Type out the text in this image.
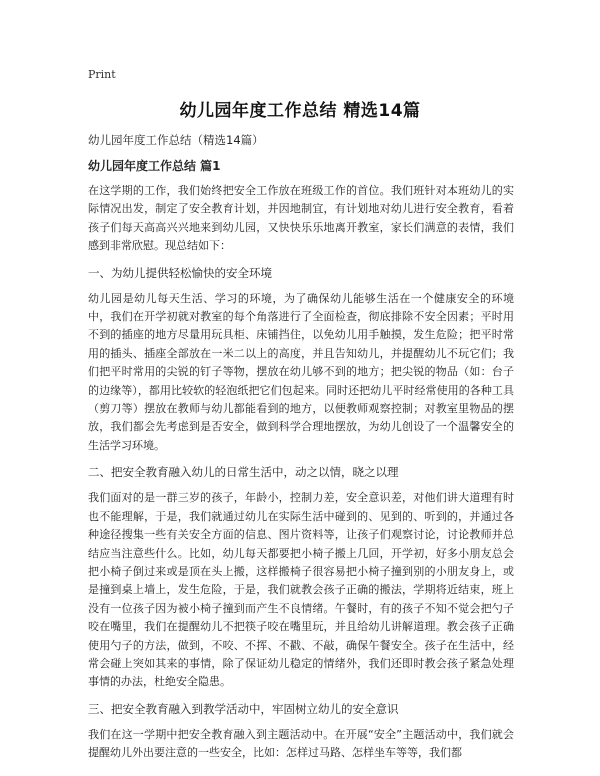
Print
幼儿园年度工作总结 精选14篇
幼儿园年度工作总结（精选14篇）
幼儿园年度工作总结 篇1

在这学期的工作，我们始终把安全工作放在班级工作的首位。我们班针对本班幼儿的实际情况出发，制定了安全教育计划，并因地制宜，有计划地对幼儿进行安全教育，看着孩子们每天高高兴兴地来到幼儿园，又快快乐乐地离开教室，家长们满意的表情，我们感到非常欣慰。现总结如下：

一、为幼儿提供轻松愉快的安全环境

幼儿园是幼儿每天生活、学习的环境，为了确保幼儿能够生活在一个健康安全的环境中，我们在开学初就对教室的每个角落进行了全面检查，彻底排除不安全因素；平时用不到的插座的地方尽量用玩具柜、床铺挡住，以免幼儿用手触摸，发生危险；把平时常用的插头、插座全部放在一米二以上的高度，并且告知幼儿，并提醒幼儿不玩它们；我们把平时常用的尖锐的钉子等物，摆放在幼儿够不到的地方；把尖锐的物品（如：台子的边缘等），都用比较软的轻泡纸把它们包起来。同时还把幼儿平时经常使用的各种工具（剪刀等）摆放在教师与幼儿都能看到的地方，以便教师观察控制；对教室里物品的摆放，我们都会先考虑到是否安全，做到科学合理地摆放，为幼儿创设了一个温馨安全的生活学习环境。

二、把安全教育融入幼儿的日常生活中，动之以情，晓之以理

我们面对的是一群三岁的孩子，年龄小，控制力差，安全意识差，对他们讲大道理有时也不能理解，于是，我们就通过幼儿在实际生活中碰到的、见到的、听到的，并通过各种途径搜集一些有关安全方面的信息、图片资料等，让孩子们观察讨论，讨论教师并总结应当注意些什么。比如，幼儿每天都要把小椅子搬上几回，开学初，好多小朋友总会把小椅子倒过来或是顶在头上搬，这样搬椅子很容易把小椅子撞到别的小朋友身上，或是撞到桌上墙上，发生危险，于是，我们就教会孩子正确的搬法，学期将近结束，班上没有一位孩子因为被小椅子撞到而产生不良情绪。午餐时，有的孩子不知不觉会把勺子咬在嘴里，我们在提醒幼儿不把筷子咬在嘴里玩，并且给幼儿讲解道理。教会孩子正确使用勺子的方法，做到，不咬、不挥、不戳、不敲，确保午餐安全。孩子在生活中，经常会碰上突如其来的事情，除了保证幼儿稳定的情绪外，我们还即时教会孩子紧急处理事情的办法，杜绝安全隐患。

三、把安全教育融入到教学活动中，牢固树立幼儿的安全意识

我们在这一学期中把安全教育融入到主题活动中。在开展“安全”主题活动中，我们就会提醒幼儿外出要注意的一些安全，比如：怎样过马路、怎样坐车等等，我们都
